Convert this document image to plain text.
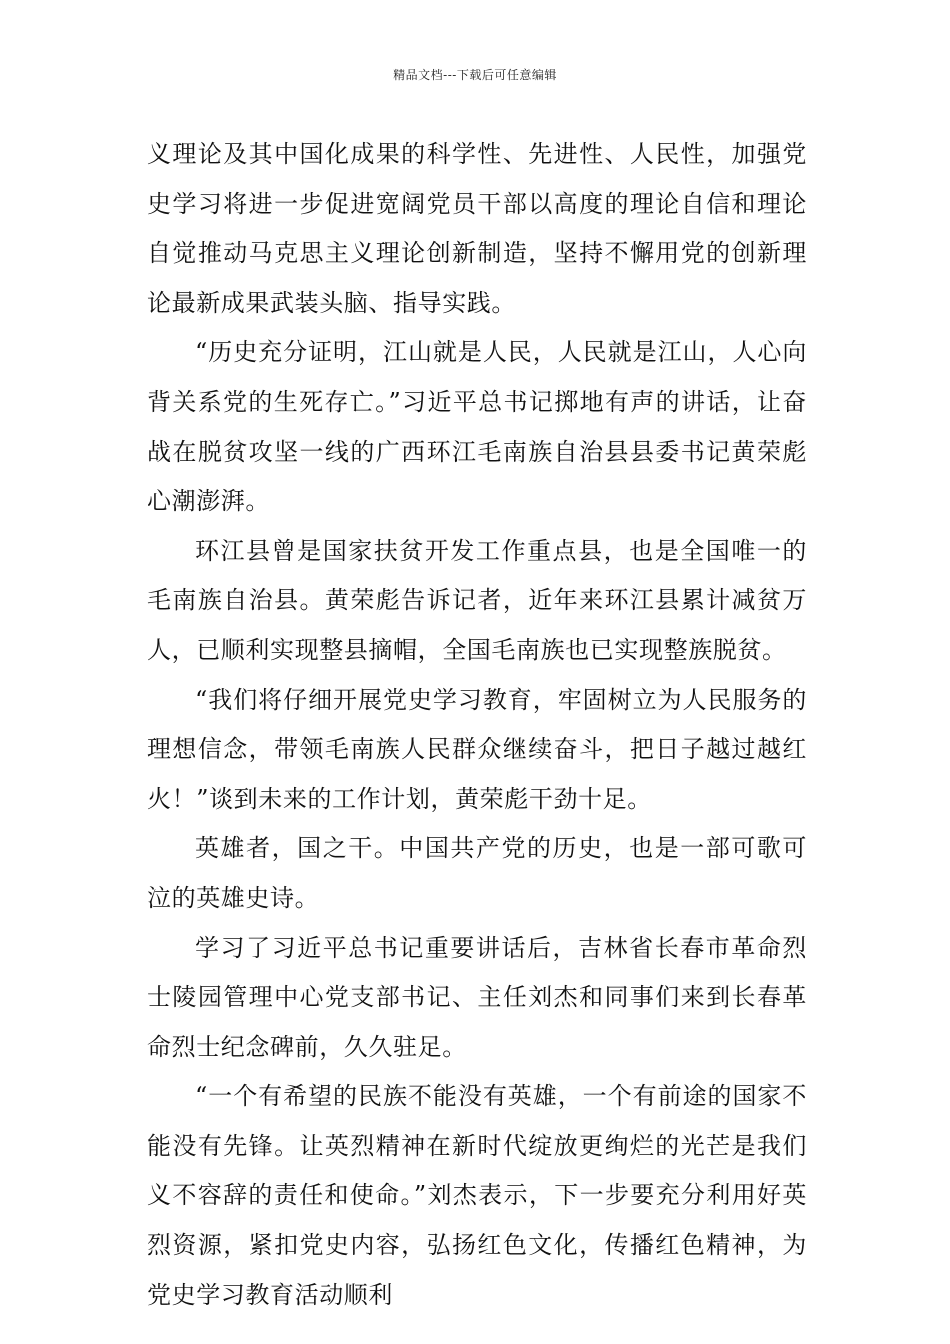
精品文档---下载后可任意编辑

义理论及其中国化成果的科学性、先进性、人民性，加强党史学习将进一步促进宽阔党员干部以高度的理论自信和理论自觉推动马克思主义理论创新制造，坚持不懈用党的创新理论最新成果武装头脑、指导实践。

“历史充分证明，江山就是人民，人民就是江山，人心向背关系党的生死存亡。”习近平总书记掷地有声的讲话，让奋战在脱贫攻坚一线的广西环江毛南族自治县县委书记黄荣彪心潮澎湃。

环江县曾是国家扶贫开发工作重点县，也是全国唯一的毛南族自治县。黄荣彪告诉记者，近年来环江县累计减贫万人，已顺利实现整县摘帽，全国毛南族也已实现整族脱贫。

“我们将仔细开展党史学习教育，牢固树立为人民服务的理想信念，带领毛南族人民群众继续奋斗，把日子越过越红火！”谈到未来的工作计划，黄荣彪干劲十足。

英雄者，国之干。中国共产党的历史，也是一部可歌可泣的英雄史诗。

学习了习近平总书记重要讲话后，吉林省长春市革命烈士陵园管理中心党支部书记、主任刘杰和同事们来到长春革命烈士纪念碑前，久久驻足。

“一个有希望的民族不能没有英雄，一个有前途的国家不能没有先锋。让英烈精神在新时代绽放更绚烂的光芒是我们义不容辞的责任和使命。”刘杰表示，下一步要充分利用好英烈资源，紧扣党史内容，弘扬红色文化，传播红色精神，为党史学习教育活动顺利
